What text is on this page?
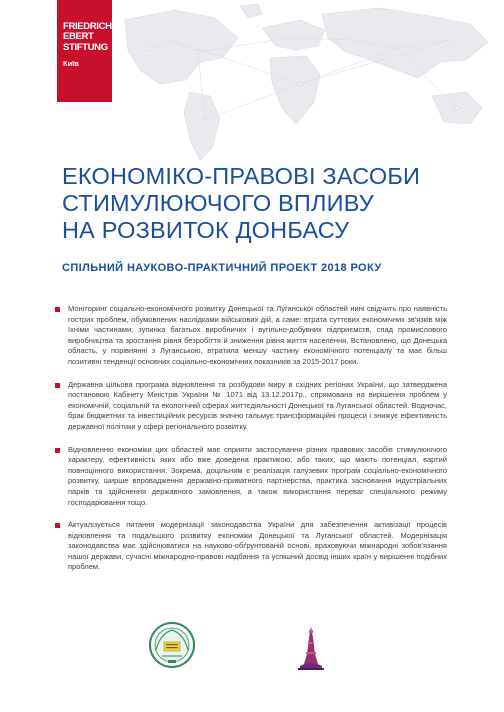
FRIEDRICH
EBERT
STIFTUNG
Київ
ЕКОНОМІКО-ПРАВОВІ ЗАСОБИ
СТИМУЛЮЮЧОГО ВПЛИВУ
НА РОЗВИТОК ДОНБАСУ
СПІЛЬНИЙ НАУКОВО-ПРАКТИЧНИЙ ПРОЕКТ 2018 РОКУ
Моніторинг соціально-економічного розвитку Донецької та Луганської областей нині свідчить про наявність гострих проблем, обумовлених наслідками військових дій, а саме: втрата суттєвих економічних зв'язків між їхніми частинами; зупинка багатьох виробничих і вугільно-добувних підприємств, спад промислового виробництва та зростання рівня безробіття й зниження рівня життя населення. Встановлено, що Донецька область, у порівнянні з Луганською, втратила меншу частину економічного потенціалу та має більш позитивні тенденції основних соціально-економічних показників за 2015-2017 роки.
Державна цільова програма відновлення та розбудови миру в східних регіонах України, що затверджена постановою Кабінету Міністрів України № 1071 від 13.12.2017р., спрямована на вирішення проблем у економічній, соціальній та екологічній сферах життєдіяльності Донецької та Луганської областей. Водночас, брак бюджетних та інвестиційних ресурсів значно гальмує трансформаційні процеси і знижує ефективність державної політики у сфері регіонального розвитку.
Відновленню економіки цих областей має сприяти застосування різних правових засобів стимулюючого характеру, ефективність яких або вже доведена практикою, або таких, що мають потенціал, вартий повноцінного використання. Зокрема, доцільним є реалізація галузевих програм соціально-економічного розвитку, ширше впровадження державно-приватного партнерства, практика засновання індустріальних парків та здійснення державного замовлення, а також використання переваг спеціального режиму господарювання тощо.
Актуалізується питання модернізації законодавства України для забезпечення активізації процесів відновлення та подальшого розвитку економіки Донецької та Луганської областей. Модернізація законодавства має здійснюватися на науково-обґрунтованій основі, враховуючи міжнародні зобов'язання нашої держави, сучасні міжнародно-правові надбання та успішний досвід інших країн у вирішенні подібних проблем.
